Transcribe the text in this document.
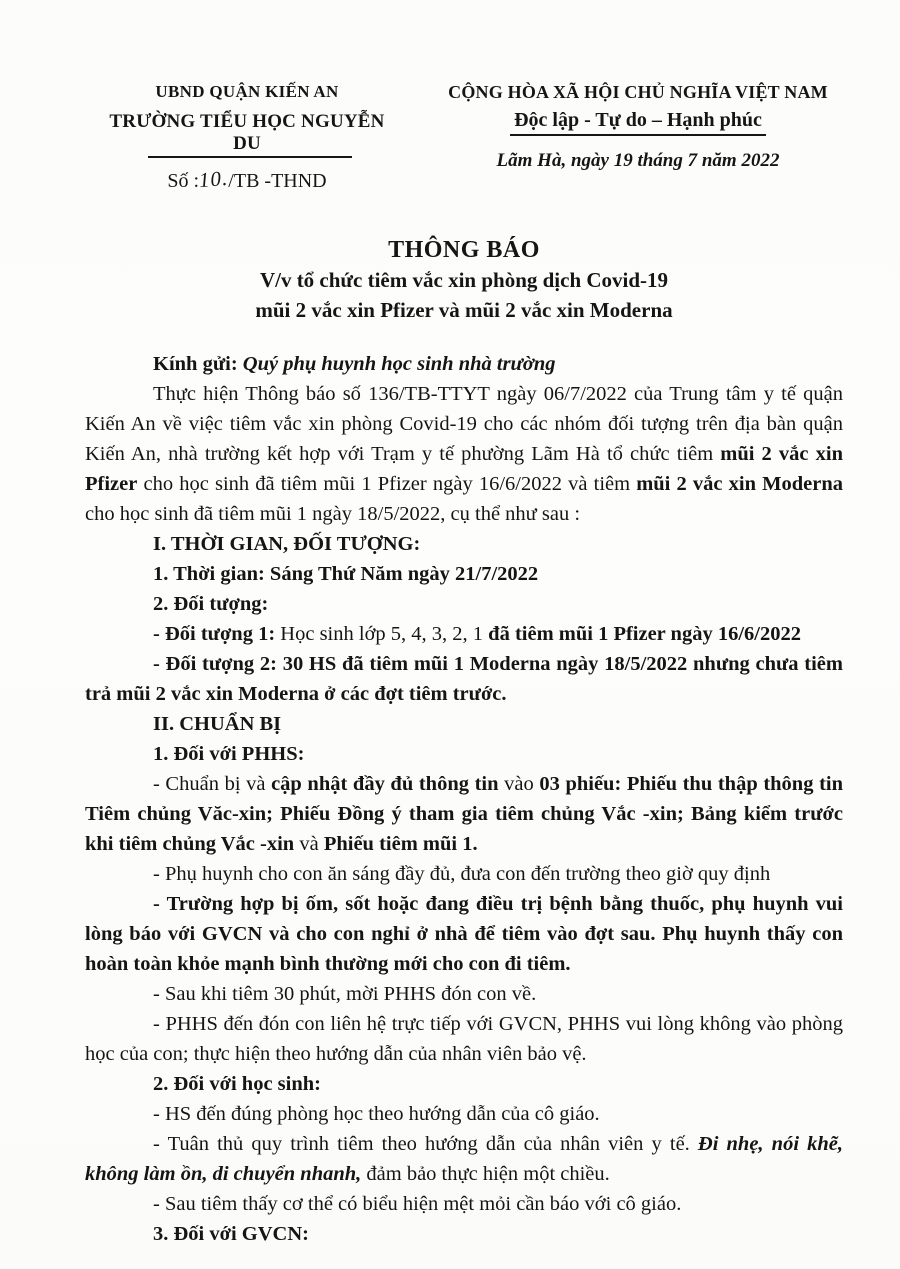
UBND QUẬN KIẾN AN
TRƯỜNG TIỂU HỌC NGUYỄN DU
Số :10./TB -THND
CỘNG HÒA XÃ HỘI CHỦ NGHĨA VIỆT NAM
Độc lập - Tự do – Hạnh phúc
Lãm Hà, ngày 19 tháng 7 năm 2022
THÔNG BÁO
V/v tổ chức tiêm vắc xin phòng dịch Covid-19
mũi 2 vắc xin Pfizer và mũi 2 vắc xin Moderna

Kính gửi: Quý phụ huynh học sinh nhà trường

Thực hiện Thông báo số 136/TB-TTYT ngày 06/7/2022 của Trung tâm y tế quận Kiến An về việc tiêm vắc xin phòng Covid-19 cho các nhóm đối tượng trên địa bàn quận Kiến An, nhà trường kết hợp với Trạm y tế phường Lãm Hà tổ chức tiêm mũi 2 vắc xin Pfizer cho học sinh đã tiêm mũi 1 Pfizer ngày 16/6/2022 và tiêm mũi 2 vắc xin Moderna cho học sinh đã tiêm mũi 1 ngày 18/5/2022, cụ thể như sau :

I. THỜI GIAN, ĐỐI TƯỢNG:

1. Thời gian: Sáng Thứ Năm ngày 21/7/2022

2. Đối tượng:

- Đối tượng 1: Học sinh lớp 5, 4, 3, 2, 1 đã tiêm mũi 1 Pfizer ngày 16/6/2022

- Đối tượng 2: 30 HS đã tiêm mũi 1 Moderna ngày 18/5/2022 nhưng chưa tiêm trả mũi 2 vắc xin Moderna ở các đợt tiêm trước.

II. CHUẨN BỊ

1. Đối với PHHS:

- Chuẩn bị và cập nhật đầy đủ thông tin vào 03 phiếu: Phiếu thu thập thông tin Tiêm chủng Văc-xin; Phiếu Đồng ý tham gia tiêm chủng Vắc -xin; Bảng kiểm trước khi tiêm chủng Vắc -xin và Phiếu tiêm mũi 1.

- Phụ huynh cho con ăn sáng đầy đủ, đưa con đến trường theo giờ quy định

- Trường hợp bị ốm, sốt hoặc đang điều trị bệnh bằng thuốc, phụ huynh vui lòng báo với GVCN và cho con nghỉ ở nhà để tiêm vào đợt sau. Phụ huynh thấy con hoàn toàn khỏe mạnh bình thường mới cho con đi tiêm.

- Sau khi tiêm 30 phút, mời PHHS đón con về.

- PHHS đến đón con liên hệ trực tiếp với GVCN, PHHS vui lòng không vào phòng học của con; thực hiện theo hướng dẫn của nhân viên bảo vệ.

2. Đối với học sinh:

- HS đến đúng phòng học theo hướng dẫn của cô giáo.

- Tuân thủ quy trình tiêm theo hướng dẫn của nhân viên y tế. Đi nhẹ, nói khẽ, không làm ồn, di chuyển nhanh, đảm bảo thực hiện một chiều.

- Sau tiêm thấy cơ thể có biểu hiện mệt mỏi cần báo với cô giáo.

3. Đối với GVCN:
